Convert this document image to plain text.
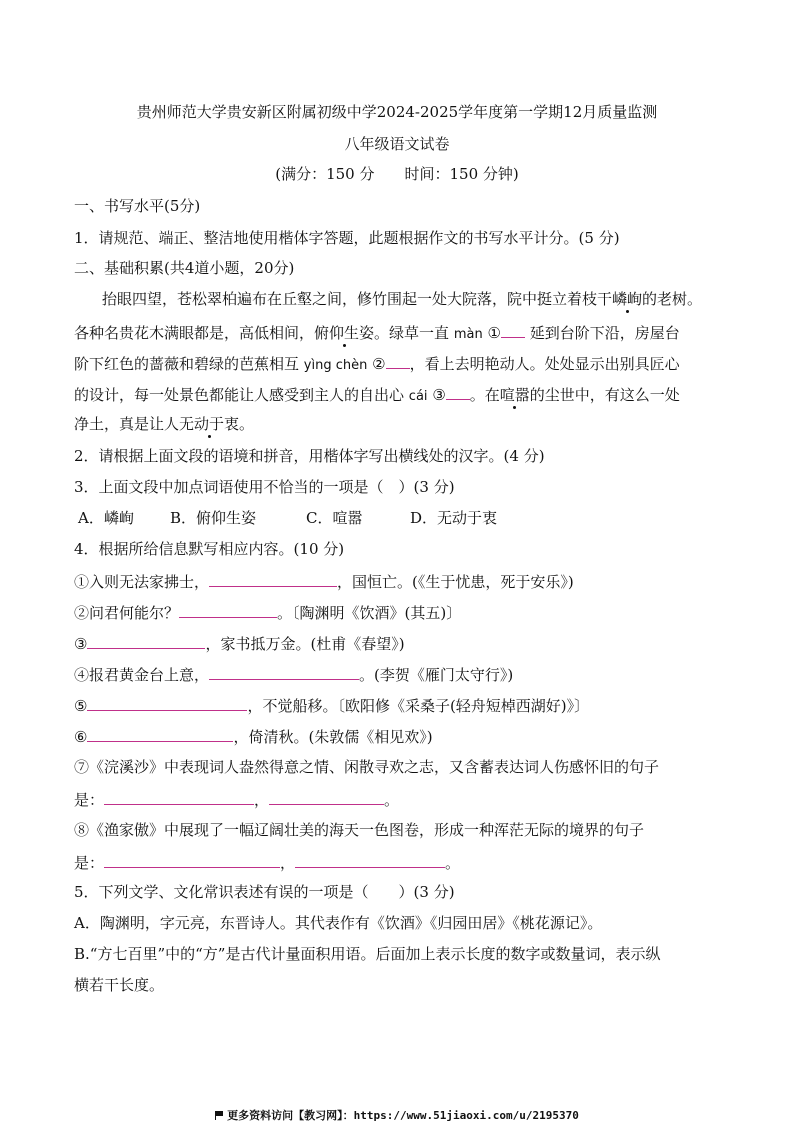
贵州师范大学贵安新区附属初级中学2024-2025学年度第一学期12月质量监测
八年级语文试卷
(满分：150 分　　时间：150 分钟)
一、书写水平(5分)
1．请规范、端正、整洁地使用楷体字答题，此题根据作文的书写水平计分。(5 分)
二、基础积累(共4道小题，20分)
抬眼四望，苍松翠柏遍布在丘壑之间，修竹围起一处大院落，院中挺立着枝干嶙峋的老树。
各种名贵花木满眼都是，高低相间，俯仰生姿。绿草一直 màn ① 延到台阶下沿，房屋台
阶下红色的蔷薇和碧绿的芭蕉相互 yìng chèn ② ，看上去明艳动人。处处显示出别具匠心
的设计，每一处景色都能让人感受到主人的自出心 cái ③ 。在喧嚣的尘世中，有这么一处
净土，真是让人无动于衷。
2．请根据上面文段的语境和拼音，用楷体字写出横线处的汉字。(4 分)
3．上面文段中加点词语使用不恰当的一项是（　）(3 分)
A．嶙峋 B．俯仰生姿	C．喧嚣	D．无动于衷
4．根据所给信息默写相应内容。(10 分)
①入则无法家拂士，	，国恒亡。(《生于忧患，死于安乐》)
②问君何能尔？	。〔陶渊明《饮酒》(其五)〕
③	，家书抵万金。(杜甫《春望》)
④报君黄金台上意，	。(李贺《雁门太守行》)
⑤	，不觉船移。〔欧阳修《采桑子(轻舟短棹西湖好)》〕
⑥	，倚清秋。(朱敦儒《相见欢》)
⑦《浣溪沙》中表现词人盎然得意之情、闲散寻欢之志，又含蓄表达词人伤感怀旧的句子
是：	，	。
⑧《渔家傲》中展现了一幅辽阔壮美的海天一色图卷，形成一种浑茫无际的境界的句子
是：	，	。
5．下列文学、文化常识表述有误的一项是（　　）(3 分)
A．陶渊明，字元亮，东晋诗人。其代表作有《饮酒》《归园田居》《桃花源记》。
B.“方七百里”中的“方”是古代计量面积用语。后面加上表示长度的数字或数量词，表示纵
横若干长度。
更多资料访问【教习网】：https://www.51jiaoxi.com/u/2195370
